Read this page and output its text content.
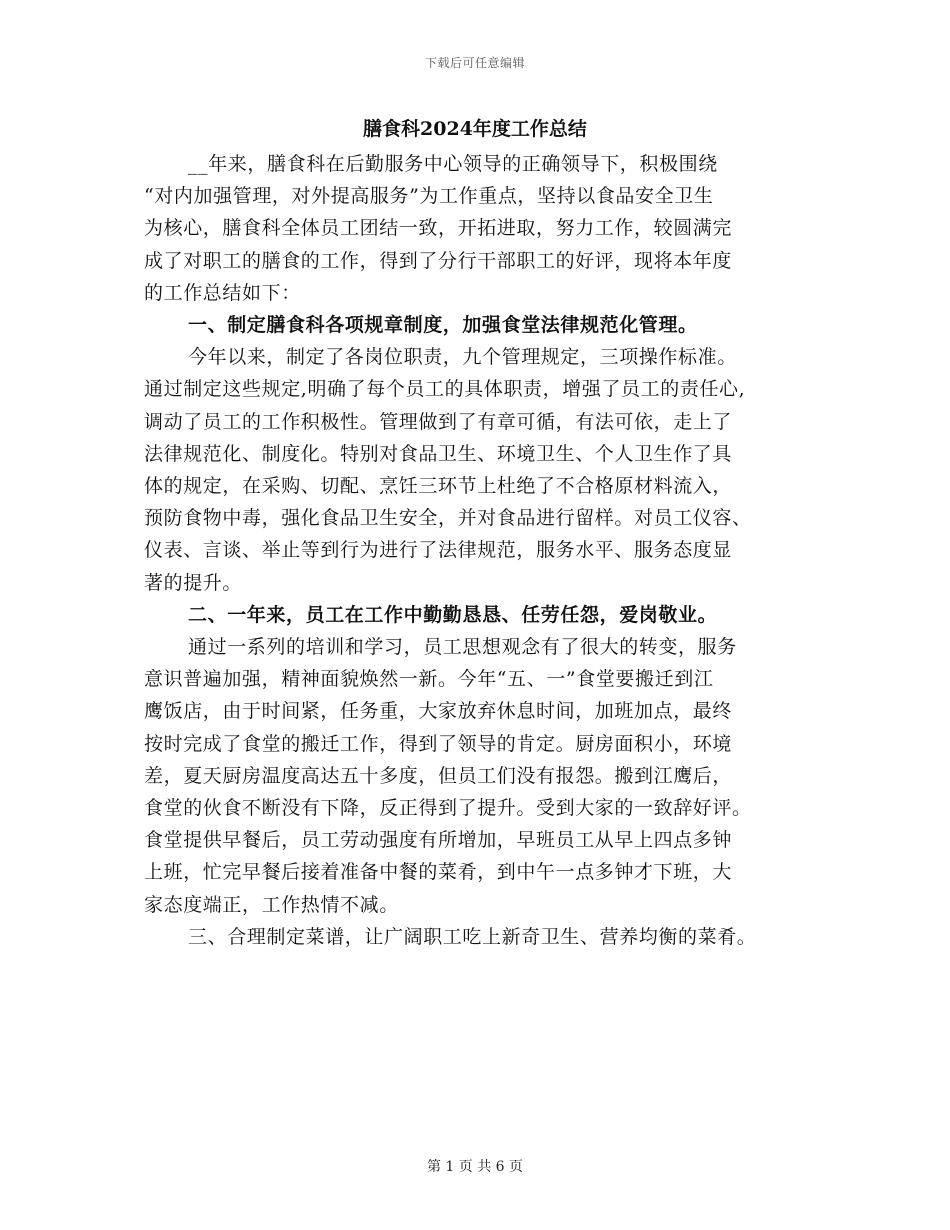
下载后可任意编辑
膳食科2024年度工作总结
__年来，膳食科在后勤服务中心领导的正确领导下，积极围绕
“对内加强管理，对外提高服务”为工作重点，坚持以食品安全卫生
为核心，膳食科全体员工团结一致，开拓进取，努力工作，较圆满完
成了对职工的膳食的工作，得到了分行干部职工的好评，现将本年度
的工作总结如下：
一、制定膳食科各项规章制度，加强食堂法律规范化管理。
今年以来，制定了各岗位职责，九个管理规定，三项操作标准。
通过制定这些规定,明确了每个员工的具体职责，增强了员工的责任心,
调动了员工的工作积极性。管理做到了有章可循，有法可依，走上了
法律规范化、制度化。特别对食品卫生、环境卫生、个人卫生作了具
体的规定，在采购、切配、烹饪三环节上杜绝了不合格原材料流入，
预防食物中毒，强化食品卫生安全，并对食品进行留样。对员工仪容、
仪表、言谈、举止等到行为进行了法律规范，服务水平、服务态度显
著的提升。
二、一年来，员工在工作中勤勤恳恳、任劳任怨，爱岗敬业。
通过一系列的培训和学习，员工思想观念有了很大的转变，服务
意识普遍加强，精神面貌焕然一新。今年“五、一”食堂要搬迁到江
鹰饭店，由于时间紧，任务重，大家放弃休息时间，加班加点，最终
按时完成了食堂的搬迁工作，得到了领导的肯定。厨房面积小，环境
差，夏天厨房温度高达五十多度，但员工们没有报怨。搬到江鹰后，
食堂的伙食不断没有下降，反正得到了提升。受到大家的一致辞好评。
食堂提供早餐后，员工劳动强度有所增加，早班员工从早上四点多钟
上班，忙完早餐后接着准备中餐的菜肴，到中午一点多钟才下班，大
家态度端正，工作热情不减。
三、合理制定菜谱，让广阔职工吃上新奇卫生、营养均衡的菜肴。
第 1 页 共 6 页
